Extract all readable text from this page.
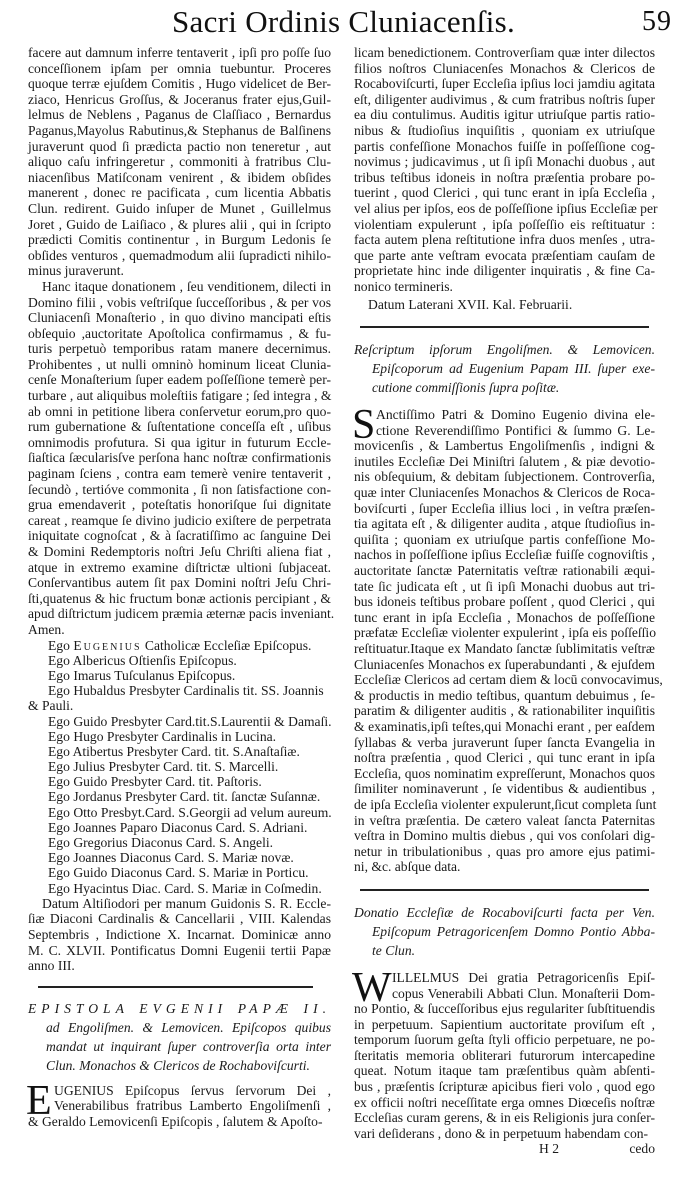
Sacri Ordinis Cluniacenſis.	59
facere aut damnum inferre tentaverit , ipſi pro poſſe ſuo
conceſſionem ipſam per omnia tuebuntur. Proceres
quoque terræ ejuſdem Comitis , Hugo videlicet de Ber-
ziaco, Henricus Groſſus, & Joceranus frater ejus,Guil-
lelmus de Neblens , Paganus de Claſſiaco , Bernardus
Paganus,Mayolus Rabutinus,& Stephanus de Balſinens
juraverunt quod ſi prædicta pactio non teneretur , aut
aliquo caſu infringeretur , commoniti à fratribus Clu-
niacenſibus Matiſconam venirent , & ibidem obſides
manerent , donec re pacificata , cum licentia Abbatis
Clun. redirent. Guido inſuper de Munet , Guillelmus
Joret , Guido de Laiſiaco , & plures alii , qui in ſcripto
prædicti Comitis continentur , in Burgum Ledonis ſe
obſides venturos , quemadmodum alii ſupradicti nihilo-
minus juraverunt.
Hanc itaque donationem , ſeu venditionem, dilecti in
Domino filii , vobis veſtriſque ſucceſſoribus , & per vos
Cluniacenſi Monaſterio , in quo divino mancipati eſtis
obſequio ,auctoritate Apoſtolica confirmamus , & fu-
turis perpetuò temporibus ratam manere decernimus.
Prohibentes , ut nulli omninò hominum liceat Clunia-
cenſe Monaſterium ſuper eadem poſſeſſione temerè per-
turbare , aut aliquibus moleſtiis fatigare ; ſed integra , &
ab omni in petitione libera conſervetur eorum,pro quo-
rum gubernatione & ſuſtentatione conceſſa eſt , uſibus
omnimodis profutura. Si qua igitur in futurum Eccle-
ſiaſtica ſæcularisſve perſona hanc noſtræ confirmationis
paginam ſciens , contra eam temerè venire tentaverit ,
ſecundò , tertióve commonita , ſi non ſatisfactione con-
grua emendaverit , poteſtatis honoriſque ſui dignitate
careat , reamque ſe divino judicio exiſtere de perpetrata
iniquitate cognoſcat , & à ſacratiſſimo ac ſanguine Dei
& Domini Redemptoris noſtri Jeſu Chriſti aliena fiat ,
atque in extremo examine diſtrictæ ultioni ſubjaceat.
Conſervantibus autem ſit pax Domini noſtri Jeſu Chri-
ſti,quatenus & hic fructum bonæ actionis percipiant , &
apud diſtrictum judicem præmia æternæ pacis inveniant.
Amen.
Ego Eugenius Catholicæ Eccleſiæ Epiſcopus.
Ego Albericus Oſtienſis Epiſcopus.
Ego Imarus Tuſculanus Epiſcopus.
Ego Hubaldus Presbyter Cardinalis tit. SS. Joannis
& Pauli.
Ego Guido Presbyter Card.tit.S.Laurentii & Damaſi.
Ego Hugo Presbyter Cardinalis in Lucina.
Ego Atibertus Presbyter Card. tit. S.Anaſtaſiæ.
Ego Julius Presbyter Card. tit. S. Marcelli.
Ego Guido Presbyter Card. tit. Paſtoris.
Ego Jordanus Presbyter Card. tit. ſanctæ Suſannæ.
Ego Otto Presbyt.Card. S.Georgii ad velum aureum.
Ego Joannes Paparo Diaconus Card. S. Adriani.
Ego Gregorius Diaconus Card. S. Angeli.
Ego Joannes Diaconus Card. S. Mariæ novæ.
Ego Guido Diaconus Card. S. Mariæ in Porticu.
Ego Hyacintus Diac. Card. S. Mariæ in Coſmedin.
Datum Altiſiodori per manum Guidonis S. R. Eccle-
ſiæ Diaconi Cardinalis & Cancellarii , VIII. Kalendas
Septembris , Indictione X. Incarnat. Dominicæ anno
M. C. XLVII. Pontificatus Domni Eugenii tertii Papæ
anno III.
EPISTOLA EVGENII PAPÆ II.
ad Engoliſmen. & Lemovicen. Epiſcopos quibus
mandat ut inquirant ſuper controverſia orta inter
Clun. Monachos & Clericos de Rochaboviſcurti.
E UGENIUS Epiſcopus ſervus ſervorum Dei ,
Venerabilibus fratribus Lamberto Engoliſmenſi ,
& Geraldo Lemovicenſi Epiſcopis , ſalutem & Apoſto-
licam benedictionem. Controverſiam quæ inter dilectos
filios noſtros Cluniacenſes Monachos & Clericos de
Rocaboviſcurti, ſuper Eccleſia ipſius loci jamdiu agitata
eſt, diligenter audivimus , & cum fratribus noſtris ſuper
ea diu contulimus. Auditis igitur utriuſque partis ratio-
nibus & ſtudioſius inquiſitis , quoniam ex utriuſque
partis confeſſione Monachos fuiſſe in poſſeſſione cog-
novimus ; judicavimus , ut ſi ipſi Monachi duobus , aut
tribus teſtibus idoneis in noſtra præſentia probare po-
tuerint , quod Clerici , qui tunc erant in ipſa Eccleſia ,
vel alius per ipſos, eos de poſſeſſione ipſius Eccleſiæ per
violentiam expulerunt , ipſa poſſeſſio eis reſtituatur :
facta autem plena reſtitutione infra duos menſes , utra-
que parte ante veſtram evocata præſentiam cauſam de
proprietate hinc inde diligenter inquiratis , & fine Ca-
nonico termineris.
Datum Laterani XVII. Kal. Februarii.
Reſcriptum ipſorum Engoliſmen. & Lemovicen.
Epiſcoporum ad Eugenium Papam III. ſuper exe-
cutione commiſſionis ſupra poſitæ.
S Anctiſſimo Patri & Domino Eugenio divina ele-
ctione Reverendiſſimo Pontifici & ſummo G. Le-
movicenſis , & Lambertus Engoliſmenſis , indigni &
inutiles Eccleſiæ Dei Miniſtri ſalutem , & piæ devotio-
nis obſequium, & debitam ſubjectionem. Controverſia,
quæ inter Cluniacenſes Monachos & Clericos de Roca-
boviſcurti , ſuper Eccleſia illius loci , in veſtra præſen-
tia agitata eſt , & diligenter audita , atque ſtudioſius in-
quiſita ; quoniam ex utriuſque partis confeſſione Mo-
nachos in poſſeſſione ipſius Eccleſiæ fuiſſe cognoviſtis ,
auctoritate ſanctæ Paternitatis veſtræ rationabili æqui-
tate ſic judicata eſt , ut ſi ipſi Monachi duobus aut tri-
bus idoneis teſtibus probare poſſent , quod Clerici , qui
tunc erant in ipſa Eccleſia , Monachos de poſſeſſione
præfatæ Eccleſiæ violenter expulerint , ipſa eis poſſeſſio
reſtituatur.Itaque ex Mandato ſanctæ ſublimitatis veſtræ
Cluniacenſes Monachos ex ſuperabundanti , & ejuſdem
Eccleſiæ Clericos ad certam diem & locū convocavimus,
& productis in medio teſtibus, quantum debuimus , ſe-
paratim & diligenter auditis , & rationabiliter inquiſitis
& examinatis,ipſi teſtes,qui Monachi erant , per eaſdem
ſyllabas & verba juraverunt ſuper ſancta Evangelia in
noſtra præſentia , quod Clerici , qui tunc erant in ipſa
Eccleſia, quos nominatim expreſſerunt, Monachos quos
ſimiliter nominaverunt , ſe videntibus & audientibus ,
de ipſa Eccleſia violenter expulerunt,ſicut completa ſunt
in veſtra præſentia. De cætero valeat ſancta Paternitas
veſtra in Domino multis diebus , qui vos conſolari dig-
netur in tribulationibus , quas pro amore ejus patimi-
ni, &c. abſque data.
Donatio Eccleſiæ de Rocaboviſcurti facta per Ven.
Epiſcopum Petragoricenſem Domno Pontio Abba-
te Clun.
W ILLELMUS Dei gratia Petragoricenſis Epiſ-
copus Venerabili Abbati Clun. Monaſterii Dom-
no Pontio, & ſucceſſoribus ejus regulariter ſubſtituendis
in perpetuum. Sapientium auctoritate proviſum eſt ,
temporum ſuorum geſta ſtyli officio perpetuare, ne po-
ſteritatis memoria obliterari futurorum intercapedine
queat. Notum itaque tam præſentibus quàm abſenti-
bus , præſentis ſcripturæ apicibus fieri volo , quod ego
ex officii noſtri neceſſitate erga omnes Diœceſis noſtræ
Eccleſias curam gerens, & in eis Religionis jura conſer-
vari deſiderans , dono & in perpetuum habendam con-
H 2	cedo
